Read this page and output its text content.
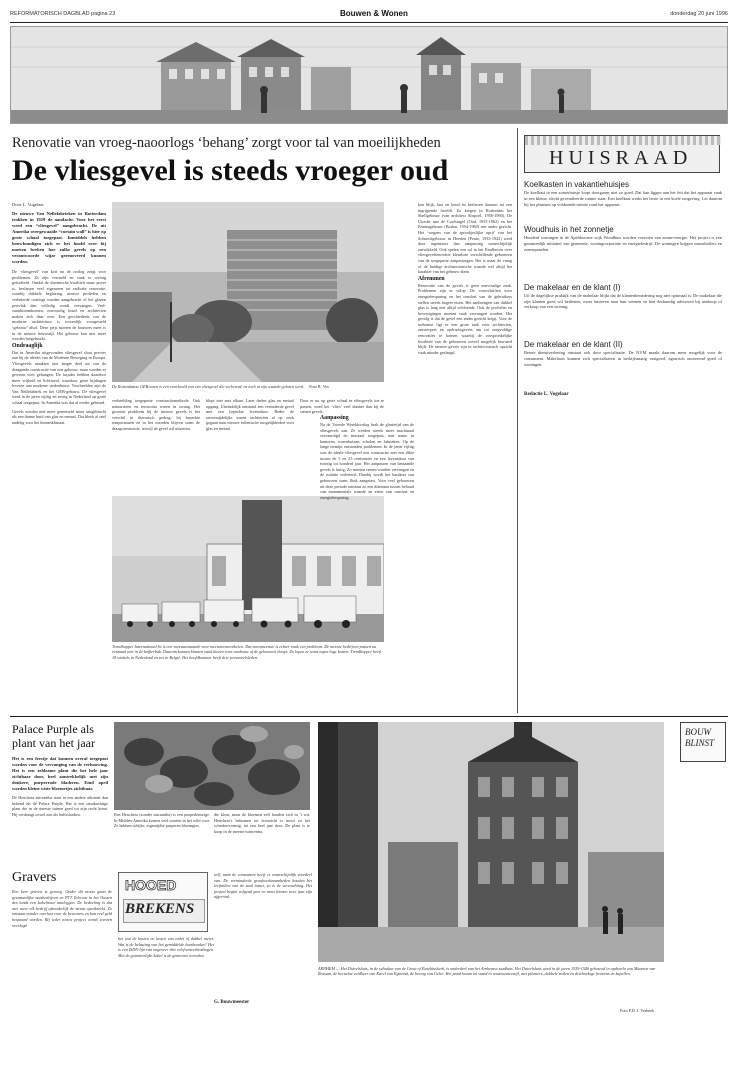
REFORMATORISCH DAGBLAD pagina 23	Bouwen & Wonen	donderdag 20 juni 1996
Renovatie van vroeg-naoorlogs ‘behang’ zorgt voor tal van moeilijkheden
De vliesgevel is steeds vroeger oud
Door L. Vogelaar
De nieuwe Van Nellefabrieken in Rotterdam trokken in 1929 de aandacht. Voor het eerst werd een “vliesgevel” aangebracht. De uit Amerika overgewaaide “curtain wall” is hier op grote schaal toegepast. Inmiddels hebben bouwkundigen zich er het hoofd over bij moeten breken hoe zulke gevels op een verantwoorde wijze gerenoveerd kunnen worden.
De ‘vliesgevel’ van kort na de oorlog zorgt voor problemen. Ze zijn versneld en vaak te weinig geïsoleerd. Omdat de thermische kwaliteit maar pover is, beslissen veel eigenaren tot radicale renovatie, waarbij dubbele beglazing, nieuwe profielen en verbeterde coatings worden aangebracht of het glazen perivlak dan volledig wordt vervangen. Veel-standsoormkomen, eenvoudig koud en architecten maken zich daar over. Een geschiedenis van de moderne architectuur is wezenlijk voorgesteld ‘gebouw’ alsof. Deze prijs moeten de bouwers meer is in de nieuwe bouwstijl. Het gebouw kan niet meer worden hergebruikt.
Ondraaglijk
Dat in Amerika uitgevonden vliesgevel sloot precies aan bij de ideeën van de Moderne Beweging in Europa. Vliesgevels maakten niet langer deel uit van de draagende constructie van een gebouw, maar werden er gewoon vóór gehangen. De façades hebben daardoor meer vrijheid en lichtinval, waardoor grote bijdragen leveren aan moderne stedenbouw. Voorbeelden zijn de Van Nellefabriek en het GEB-gebouw. De vliesgevel werd in de jaren vijftig en zestig in Nederland op grote schaal toegepast. In Amerika was dat al eerder gebeurd.
Gevels werden niet meer gemetseld maar aangebracht als een dunne huid van glas en metaal. Dat bleek al snel nadelig voor het binnenklimaat.
De Rotterdamse GEB-toren is een voorbeeld van een vliesgevel die verbeterd, en toch in zijn waarde gelaten werd. Foto R. Vos
verbeelding toegepaste constructiemethode. Ook natuursteen en terracotta waren in zwang. Het grootste probleem bij de nieuwe gevels is het verschil in thermisch gedrag: bij beperkte temperaturen en in het noorden blijven soms de draagconstructie, terwijl de gevel wil uitzetten.
klopt niet met elkaar. Later deden glas en metaal opgang. Uiteindelijk ontstond een verouderde gevel met een beperkte levensduur. Reder de onvermijdelijke waren architecten al op zoek gegaan naar nieuwe esthetische mogelijkheden voor glas en metaal.
Door er nu op grote schaal in vliesgevels toe te passen, werd het ‘vlies’ veel dunner dan bij de stenen gevels.
Trendhopper International bv is een vooraanstaande voor meesmeemeenbelen. Dat meesmeemee is echter vaak een probleem. De meeste bedrijven passen nu eenmaal niet in de koffierbak. Daarom kunnen klanten vaak kiezen voor aanbouw of de gebouwen sloopt. Zo lopen ze soms tegen lage kosten. Trendhopper heeft 18 winkels in Nederland en zes in België. Het hoofdkantoor heeft drie personeelsleden.
Aanpassing
Na de Tweede Wereldoorlog brak de glorietijd van de vliesgevels aan. Ze werden steeds meer machinaal vervaardigd en massaal toegepast, met name in kantoren, warenhuizen, scholen en fabrieken. Op de lange termijn ontstonden problemen. In de jaren vijftig was de ideale vliesgevel een constructie met een dikte tussen de 5 en 25 centimeter en een levensduur van twintig tot honderd jaar. Het aanpassen van bestaande gevels is lastig. Zo moeten ramen worden vervangen en de isolatie verbeterd. Daarbij wordt het karakter van gebouwen soms flink aangetast. Voor veel gebouwen uit deze periode ontstaat zo een dilemma tussen behoud van monumentale waarde en eisen van comfort en energiebesparing.
ken blijk, laat en koud en beslissen daarom tot een ingrijpende facelift. Zo kregen in Rotterdam het Shellgebouw (van architect Abspoel, 1956-1960), De Utrecht aan de Coolsingel (Oud, 1955-1962) en het Ennieagebouw (Bodon, 1954-1960) een ander gezicht. Het ‘wegens van de sprookjeslijke oprit’ van het Schunckgebouw in Heerlen (Peutz, 1935-1942) werd door ingenieurs dan aanpassing waarschijnlijk ontwikkeld. Ook spelen een rol in het Eindhoven over vliesgevelrenovatie kleurloze verschillende gebouwen van de toegepaste aanpassingen. Het is maar de vraag of de huidige architectonische waarde wel altijd het karakter van het gebouw dient.
Afremmen
Renovatie van de gevels is geen eenvoudige zaak. Problemen zijn er volop. De voorschriften voor energiebesparing en het comfort van de gebruikers stellen steeds hogere eisen. Het aanbrengen van dubbel glas is lang niet altijd voldoende. Ook de profielen en bevestigingen moeten vaak vervangen worden. Het gevolg is dat de gevel een ander gezicht krijgt. Voor de toekomst ligt er een grote taak voor architecten, ontwerpers en opdrachtgevers om tot zorgvuldige renovaties te komen waarbij de oorspronkelijke kwaliteit van de gebouwen zoveel mogelijk bewaard blijft. De nieuwe gevels zijn in architectonisch opzicht vaak minder geslaagd.
HUISRAAD
Koelkasten in vakantiehuisjes
De koelkast in een zomerhuisje loopt doorgaans niet zo goed. Dat kan liggen aan het feit dat het apparaat vaak in een kleine, slecht geventileerde ruimte staat. Een koelkast werkt het beste in een koele omgeving. Let daarom bij het plaatsen op voldoende ruimte rond het apparaat.
Woudhuis in het zonnetje
Honderd woningen in de Apeldoornse wijk Woudhuis worden voorzien van zonne-energie. Het project is een gezamenlijk initiatief van gemeente, woningcorporatie en energiebedrijf. De woningen krijgen zonneboilers en zonnepanelen.
De makelaar en de klant (I)
Uit de dagelijkse praktijk van de makelaar blijkt dat de klantenbenadering nog niet optimaal is. De makelaar die zijn klanten goed wil bedienen, moet luisteren naar hun wensen en hen deskundig adviseren bij aankoop of verkoop van een woning.
De makelaar en de klant (II)
Betere dienstverlening ontstaat ook door specialisatie. De NVM maakt daarom meer mogelijk voor de consument. Makelaars kunnen zich specialiseren in bedrijfsmatig vastgoed, agrarisch onroerend goed of woningen.
Redactie L. Vogelaar
Palace Purple als plant van het jaar
Het is een feestje dat kunnen overal toegepast worden voor de vervanging van de verbouwing. Het is een zeldzame plant die het hele jaar zichtbaar door, heel aantrekkelijk met zijn donkere, purperrode bladeren. Eind april worden kleine witte bloemetjes zichtbaar.
De Heuchera micrantha staat in een andere afkomst dan bekend als de Palace Purple. Het is een struikachtige plant die in de meeste tuinen goed tot zijn recht komt. Hij verdraagt zowel zon als halfschaduw.	Een Heuchera (zonder micrantha) is een purperkleurige. In Midden-Amerika komen veel soorten in het wild voor. Ze hebben talrijke, eigentijdse purperen bloempjes.
die kleur, maar de bloemen zelf houden zich in ’t wit. Heuchera's bebomen tot doorzicht is mooi zo het schaduwvormig, tot een heel jaar door. De plant is te koop in de meeste tuincentra.
Gravers
Een keer graven is genoeg. Onder dit motto gaan de gezamenlijke nutsbedrijven en PTT Telecom in het Oosten des lands een kabeltracé aanleggen. De bedoeling is dat niet meer elk bedrijf afzonderlijk de straat openbreekt. Zo ontstaat minder overlast voor de bewoners en kan veel geld bespaard worden. Bij ieder nieuw project wordt tevoren overlegd.
HOOED
BREKENS
het wat de kosten en lasten van enkel of dubbel meter. Wat is de belasting van het gemiddelde huishouden? Het is een ISDN-lijn van ongeveer drie telefoonverbindingen. Met de gezamenlijke kabel is de gemeente tevreden.
zelf, want de consument heeft er waarschijnlijk voordeel van. De verminderde graafwerkzaamheden houden het leefmilieu van de stad intact, zo is de verwachting. Het project begint volgend jaar en moet binnen twee jaar zijn afgerond.
G. Bouwmeester
BOUW BLINST
ARNHEM — Het Duivelshuis, in de schaduw van de Grote of Eusebiuskerk, is onderdeel van het Arnhemse stadhuis. Het Duivelshuis werd in de jaren 1539-1546 gebouwd in opdracht van Maarten van Rossum, de beruchte veldheer van Karel van Egmond, de hertog van Gelre. Het pand kwam tot stand in renaissancestijl, met pilasters, dubbele zuilen en driehoekige frontons en kapellen.
Foto P.D. J. Verbeek
